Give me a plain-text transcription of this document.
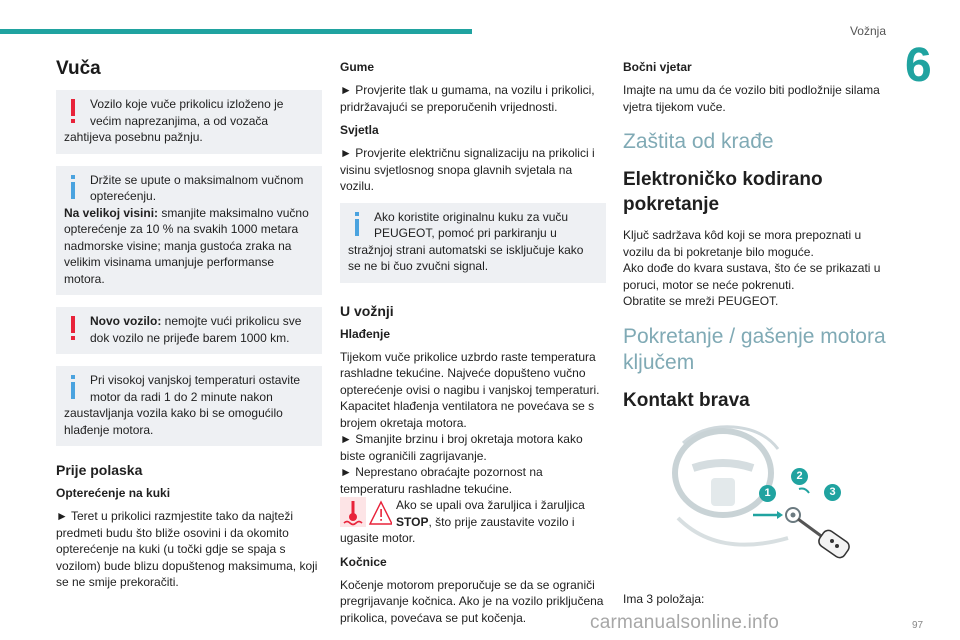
Vožnja
6
Vuča

Vozilo koje vuče prikolicu izloženo je većim naprezanjima, a od vozača zahtijeva posebnu pažnju.

Držite se upute o maksimalnom vučnom opterećenju.

Na velikoj visini: smanjite maksimalno vučno opterećenje za 10 % na svakih 1000 metara nadmorske visine; manja gustoća zraka na velikim visinama umanjuje performanse motora.

Novo vozilo: nemojte vući prikolicu sve dok vozilo ne prijeđe barem 1000 km.

Pri visokoj vanjskoj temperaturi ostavite motor da radi 1 do 2 minute nakon zaustavljanja vozila kako bi se omogućilo hlađenje motora.

Prije polaska
Opterećenje na kuki

► Teret u prikolici razmjestite tako da najteži predmeti budu što bliže osovini i da okomito opterećenje na kuki (u točki gdje se spaja s vozilom) bude blizu dopuštenog maksimuma, koji se ne smije prekoračiti.

Gume

► Provjerite tlak u gumama, na vozilu i prikolici, pridržavajući se preporučenih vrijednosti.

Svjetla

► Provjerite električnu signalizaciju na prikolici i visinu svjetlosnog snopa glavnih svjetala na vozilu.

Ako koristite originalnu kuku za vuču PEUGEOT, pomoć pri parkiranju u stražnjoj strani automatski se isključuje kako se ne bi čuo zvučni signal.

U vožnji
Hlađenje

Tijekom vuče prikolice uzbrdo raste temperatura rashladne tekućine. Najveće dopušteno vučno opterećenje ovisi o nagibu i vanjskoj temperaturi. Kapacitet hlađenja ventilatora ne povećava se s brojem okretaja motora.

► Smanjite brzinu i broj okretaja motora kako biste ograničili zagrijavanje.

► Neprestano obraćajte pozornost na temperaturu rashladne tekućine.

Ako se upali ova žaruljica i žaruljica STOP, što prije zaustavite vozilo i ugasite motor.

Kočnice

Kočenje motorom preporučuje se da se ograniči pregrijavanje kočnica. Ako je na vozilo priključena prikolica, povećava se put kočenja.

Bočni vjetar

Imajte na umu da će vozilo biti podložnije silama vjetra tijekom vuče.

Zaštita od krađe
Elektroničko kodirano pokretanje

Ključ sadržava kôd koji se mora prepoznati u vozilu da bi pokretanje bilo moguće.

Ako dođe do kvara sustava, što će se prikazati u poruci, motor se neće pokrenuti.

Obratite se mreži PEUGEOT.

Pokretanje / gašenje motora ključem
Kontakt brava
1
2
3

Ima 3 položaja:

carmanualsonline.info	97
